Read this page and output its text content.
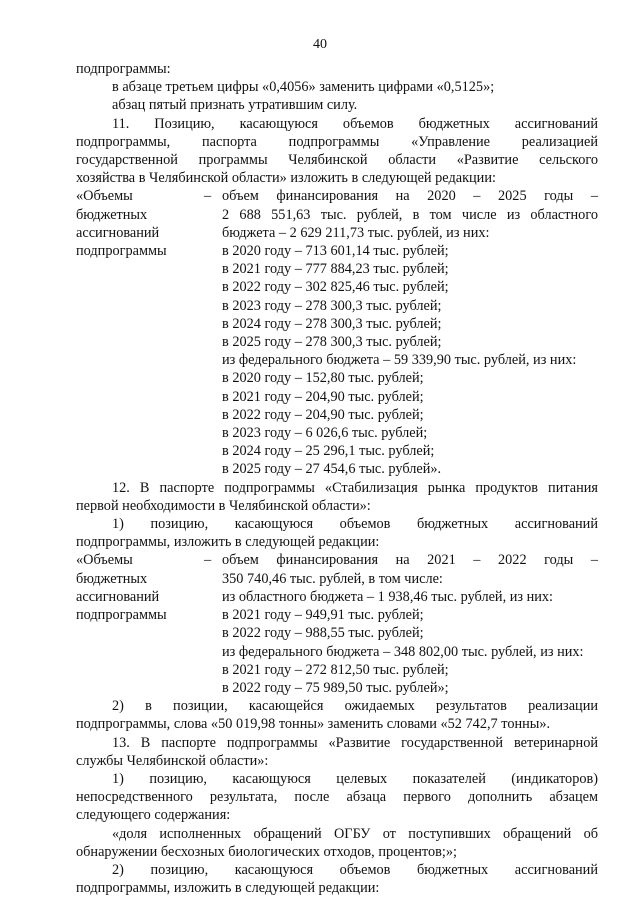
40

подпрограммы:

в абзаце третьем цифры «0,4056» заменить цифрами «0,5125»;

абзац пятый признать утратившим силу.

11. Позицию, касающуюся объемов бюджетных ассигнований

подпрограммы, паспорта подпрограммы «Управление реализацией

государственной программы Челябинской области «Развитие сельского

хозяйства в Челябинской области» изложить в следующей редакции:

«Объемы
бюджетных
ассигнований
подпрограммы
– объем финансирования на 2020 – 2025 годы –
2 688 551,63 тыс. рублей, в том числе из областного
бюджета – 2 629 211,73 тыс. рублей, из них:
в 2020 году – 713 601,14 тыс. рублей;
в 2021 году – 777 884,23 тыс. рублей;
в 2022 году – 302 825,46 тыс. рублей;
в 2023 году – 278 300,3 тыс. рублей;
в 2024 году – 278 300,3 тыс. рублей;
в 2025 году – 278 300,3 тыс. рублей;
из федерального бюджета – 59 339,90 тыс. рублей, из них:
в 2020 году – 152,80 тыс. рублей;
в 2021 году – 204,90 тыс. рублей;
в 2022 году – 204,90 тыс. рублей;
в 2023 году – 6 026,6 тыс. рублей;
в 2024 году – 25 296,1 тыс. рублей;
в 2025 году – 27 454,6 тыс. рублей».

12. В паспорте подпрограммы «Стабилизация рынка продуктов питания

первой необходимости в Челябинской области»:

1) позицию, касающуюся объемов бюджетных ассигнований

подпрограммы, изложить в следующей редакции:

«Объемы
бюджетных
ассигнований
подпрограммы
– объем финансирования на 2021 – 2022 годы –
350 740,46 тыс. рублей, в том числе:
из областного бюджета – 1 938,46 тыс. рублей, из них:
в 2021 году – 949,91 тыс. рублей;
в 2022 году – 988,55 тыс. рублей;
из федерального бюджета – 348 802,00 тыс. рублей, из них:
в 2021 году – 272 812,50 тыс. рублей;
в 2022 году – 75 989,50 тыс. рублей»;

2) в позиции, касающейся ожидаемых результатов реализации

подпрограммы, слова «50 019,98 тонны» заменить словами «52 742,7 тонны».

13. В паспорте подпрограммы «Развитие государственной ветеринарной

службы Челябинской области»:

1) позицию, касающуюся целевых показателей (индикаторов)

непосредственного результата, после абзаца первого дополнить абзацем

следующего содержания:

«доля исполненных обращений ОГБУ от поступивших обращений об

обнаружении бесхозных биологических отходов, процентов;»;

2) позицию, касающуюся объемов бюджетных ассигнований

подпрограммы, изложить в следующей редакции:
